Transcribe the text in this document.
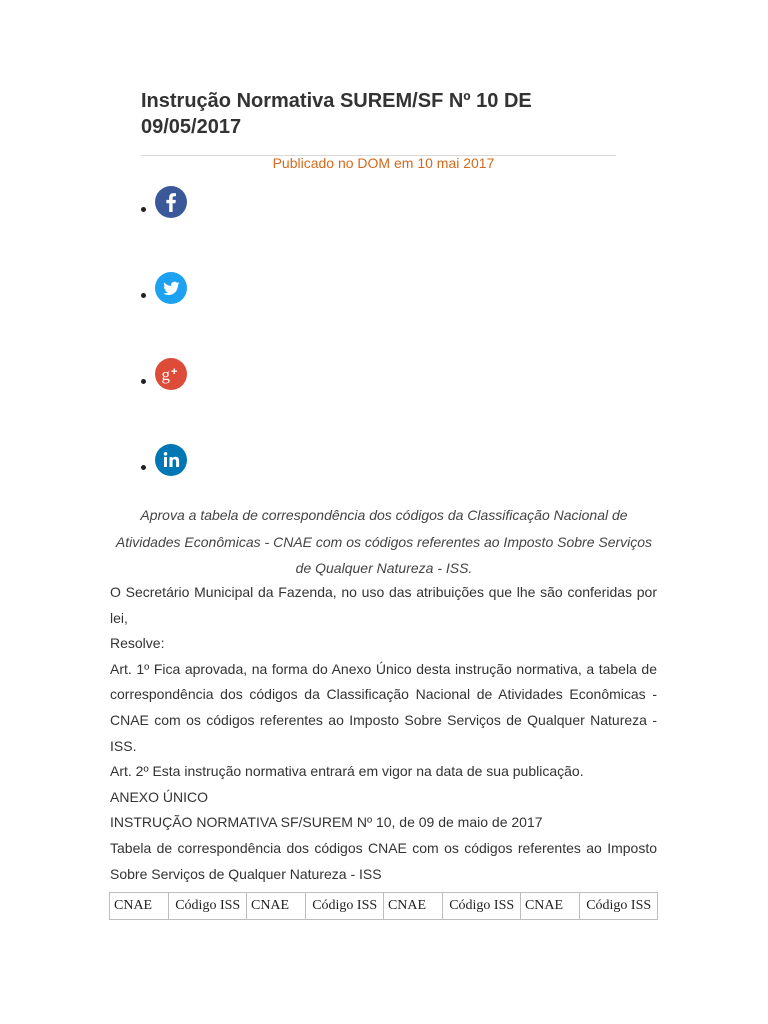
Instrução Normativa SUREM/SF Nº 10 DE 09/05/2017
Publicado no DOM em 10 mai 2017
g +

Aprova a tabela de correspondência dos códigos da Classificação Nacional de Atividades Econômicas - CNAE com os códigos referentes ao Imposto Sobre Serviços de Qualquer Natureza - ISS.

O Secretário Municipal da Fazenda, no uso das atribuições que lhe são conferidas por lei,

Resolve:

Art. 1º Fica aprovada, na forma do Anexo Único desta instrução normativa, a tabela de correspondência dos códigos da Classificação Nacional de Atividades Econômicas - CNAE com os códigos referentes ao Imposto Sobre Serviços de Qualquer Natureza - ISS.

Art. 2º Esta instrução normativa entrará em vigor na data de sua publicação.

ANEXO ÚNICO

INSTRUÇÃO NORMATIVA SF/SUREM Nº 10, de 09 de maio de 2017

Tabela de correspondência dos códigos CNAE com os códigos referentes ao Imposto Sobre Serviços de Qualquer Natureza - ISS

CNAE	Código ISS	CNAE	Código ISS	CNAE	Código ISS	CNAE	Código ISS
